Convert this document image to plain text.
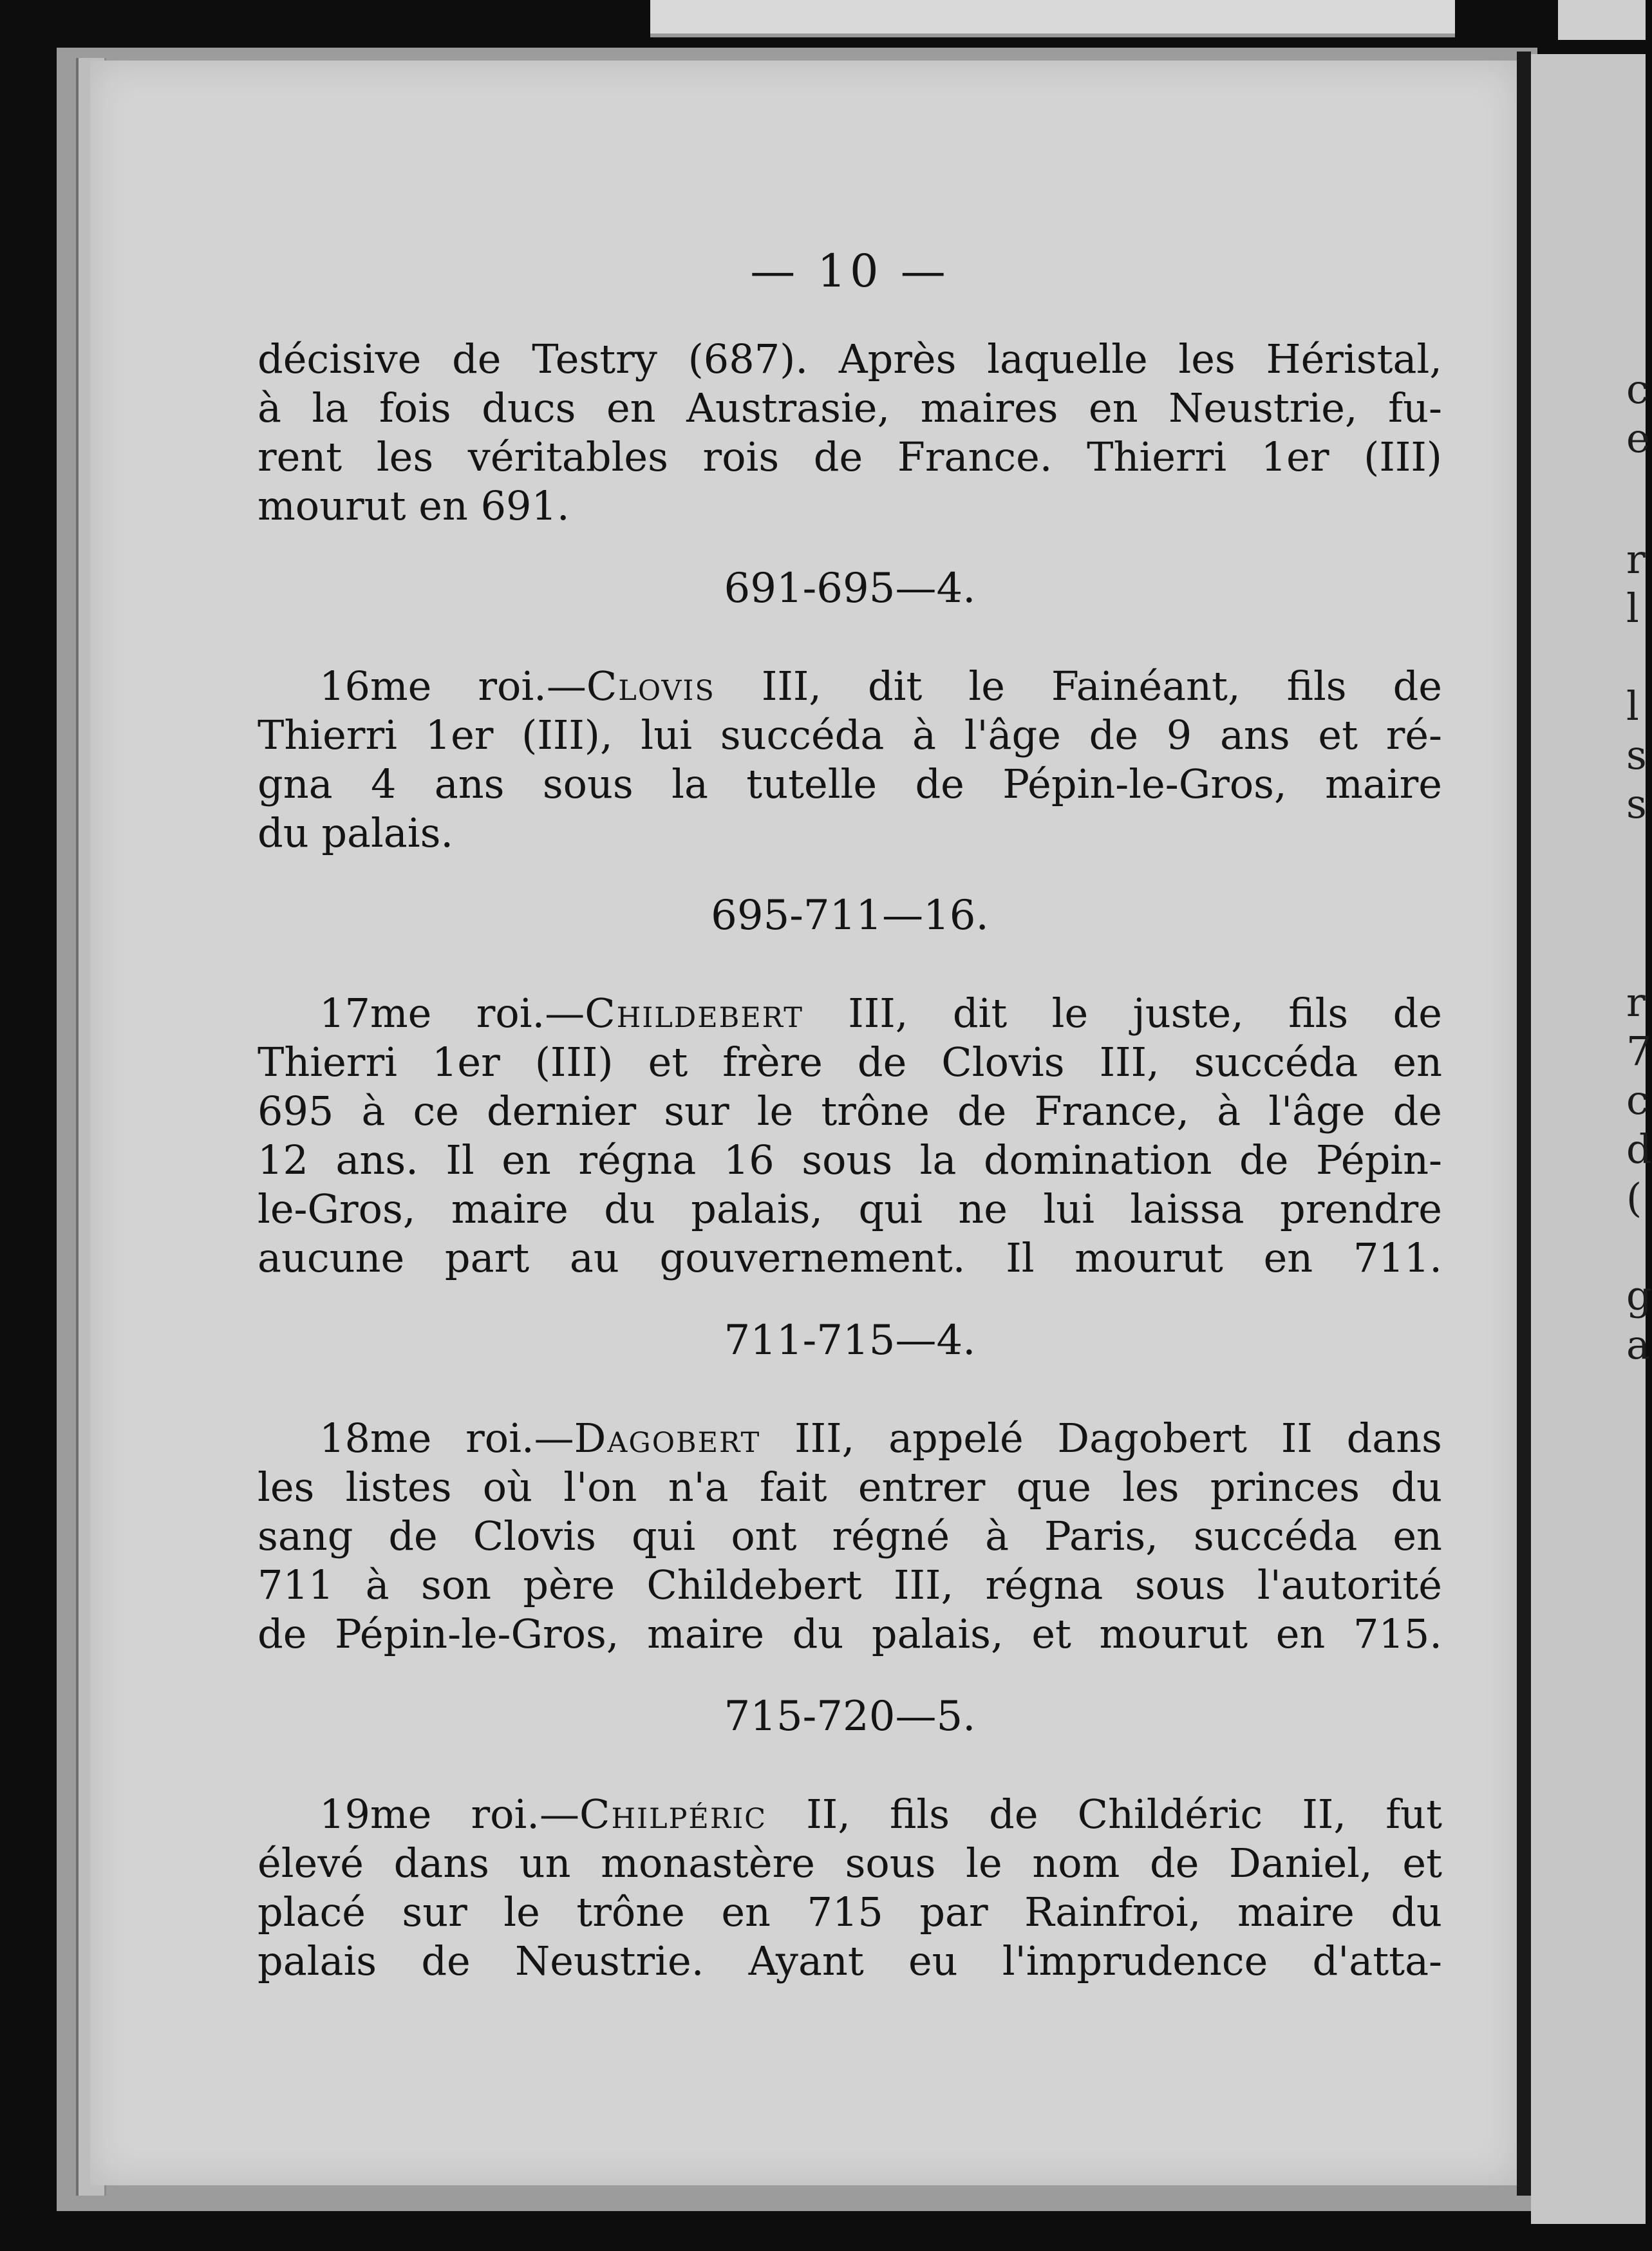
c
e
r
l
l
s
s
r
7
c
d
(
g
a
— 10 —
décisive de Testry (687). Après laquelle les Héristal,
à la fois ducs en Austrasie, maires en Neustrie, fu-
rent les véritables rois de France. Thierri 1er (III)
mourut en 691.
691-695—4.
16me roi.—Clovis III, dit le Fainéant, fils de
Thierri 1er (III), lui succéda à l'âge de 9 ans et ré-
gna 4 ans sous la tutelle de Pépin-le-Gros, maire
du palais.
695-711—16.
17me roi.—Childebert III, dit le juste, fils de
Thierri 1er (III) et frère de Clovis III, succéda en
695 à ce dernier sur le trône de France, à l'âge de
12 ans. Il en régna 16 sous la domination de Pépin-
le-Gros, maire du palais, qui ne lui laissa prendre
aucune part au gouvernement. Il mourut en 711.
711-715—4.
18me roi.—Dagobert III, appelé Dagobert II dans
les listes où l'on n'a fait entrer que les princes du
sang de Clovis qui ont régné à Paris, succéda en
711 à son père Childebert III, régna sous l'autorité
de Pépin-le-Gros, maire du palais, et mourut en 715.
715-720—5.
19me roi.—Chilpéric II, fils de Childéric II, fut
élevé dans un monastère sous le nom de Daniel, et
placé sur le trône en 715 par Rainfroi, maire du
palais de Neustrie. Ayant eu l'imprudence d'atta-
